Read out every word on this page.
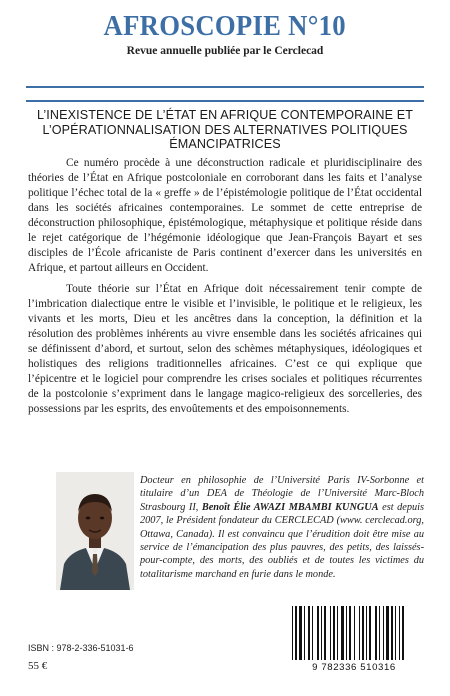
AFROSCOPIE N°10
Revue annuelle publiée par le Cerclecad
L’INEXISTENCE DE L’ÉTAT EN AFRIQUE CONTEMPORAINE ET
L’OPÉRATIONNALISATION DES ALTERNATIVES POLITIQUES
ÉMANCIPATRICES

Ce numéro procède à une déconstruction radicale et pluridisciplinaire des théories de l’État en Afrique postcoloniale en corroborant dans les faits et l’analyse politique l’échec total de la « greffe » de l’épistémologie politique de l’État occidental dans les sociétés africaines contemporaines. Le sommet de cette entreprise de déconstruction philosophique, épistémologique, métaphysique et politique réside dans le rejet catégorique de l’hégémonie idéologique que Jean-François Bayart et ses disciples de l’École africaniste de Paris continent d’exercer dans les universités en Afrique, et partout ailleurs en Occident.

Toute théorie sur l’État en Afrique doit nécessairement tenir compte de l’imbrication dialectique entre le visible et l’invisible, le politique et le religieux, les vivants et les morts, Dieu et les ancêtres dans la conception, la définition et la résolution des problèmes inhérents au vivre ensemble dans les sociétés africaines qui se définissent d’abord, et surtout, selon des schèmes métaphysiques, idéologiques et holistiques des religions traditionnelles africaines. C’est ce qui explique que l’épicentre et le logiciel pour comprendre les crises sociales et politiques récurrentes de la postcolonie s’expriment dans le langage magico-religieux des sorcelleries, des possessions par les esprits, des envoûtements et des empoisonnements.

Docteur en philosophie de l’Université Paris IV-Sorbonne et titulaire d’un DEA de Théologie de l’Université Marc-Bloch Strasbourg II, Benoît Élie AWAZI MBAMBI KUNGUA est depuis 2007, le Président fondateur du CERCLECAD (www. cerclecad.org, Ottawa, Canada). Il est convaincu que l’érudition doit être mise au service de l’émancipation des plus pauvres, des petits, des laissés-pour-compte, des morts, des oubliés et de toutes les victimes du totalitarisme marchand en furie dans le monde.
ISBN : 978-2-336-51031-6
55 €	9 782336 510316
